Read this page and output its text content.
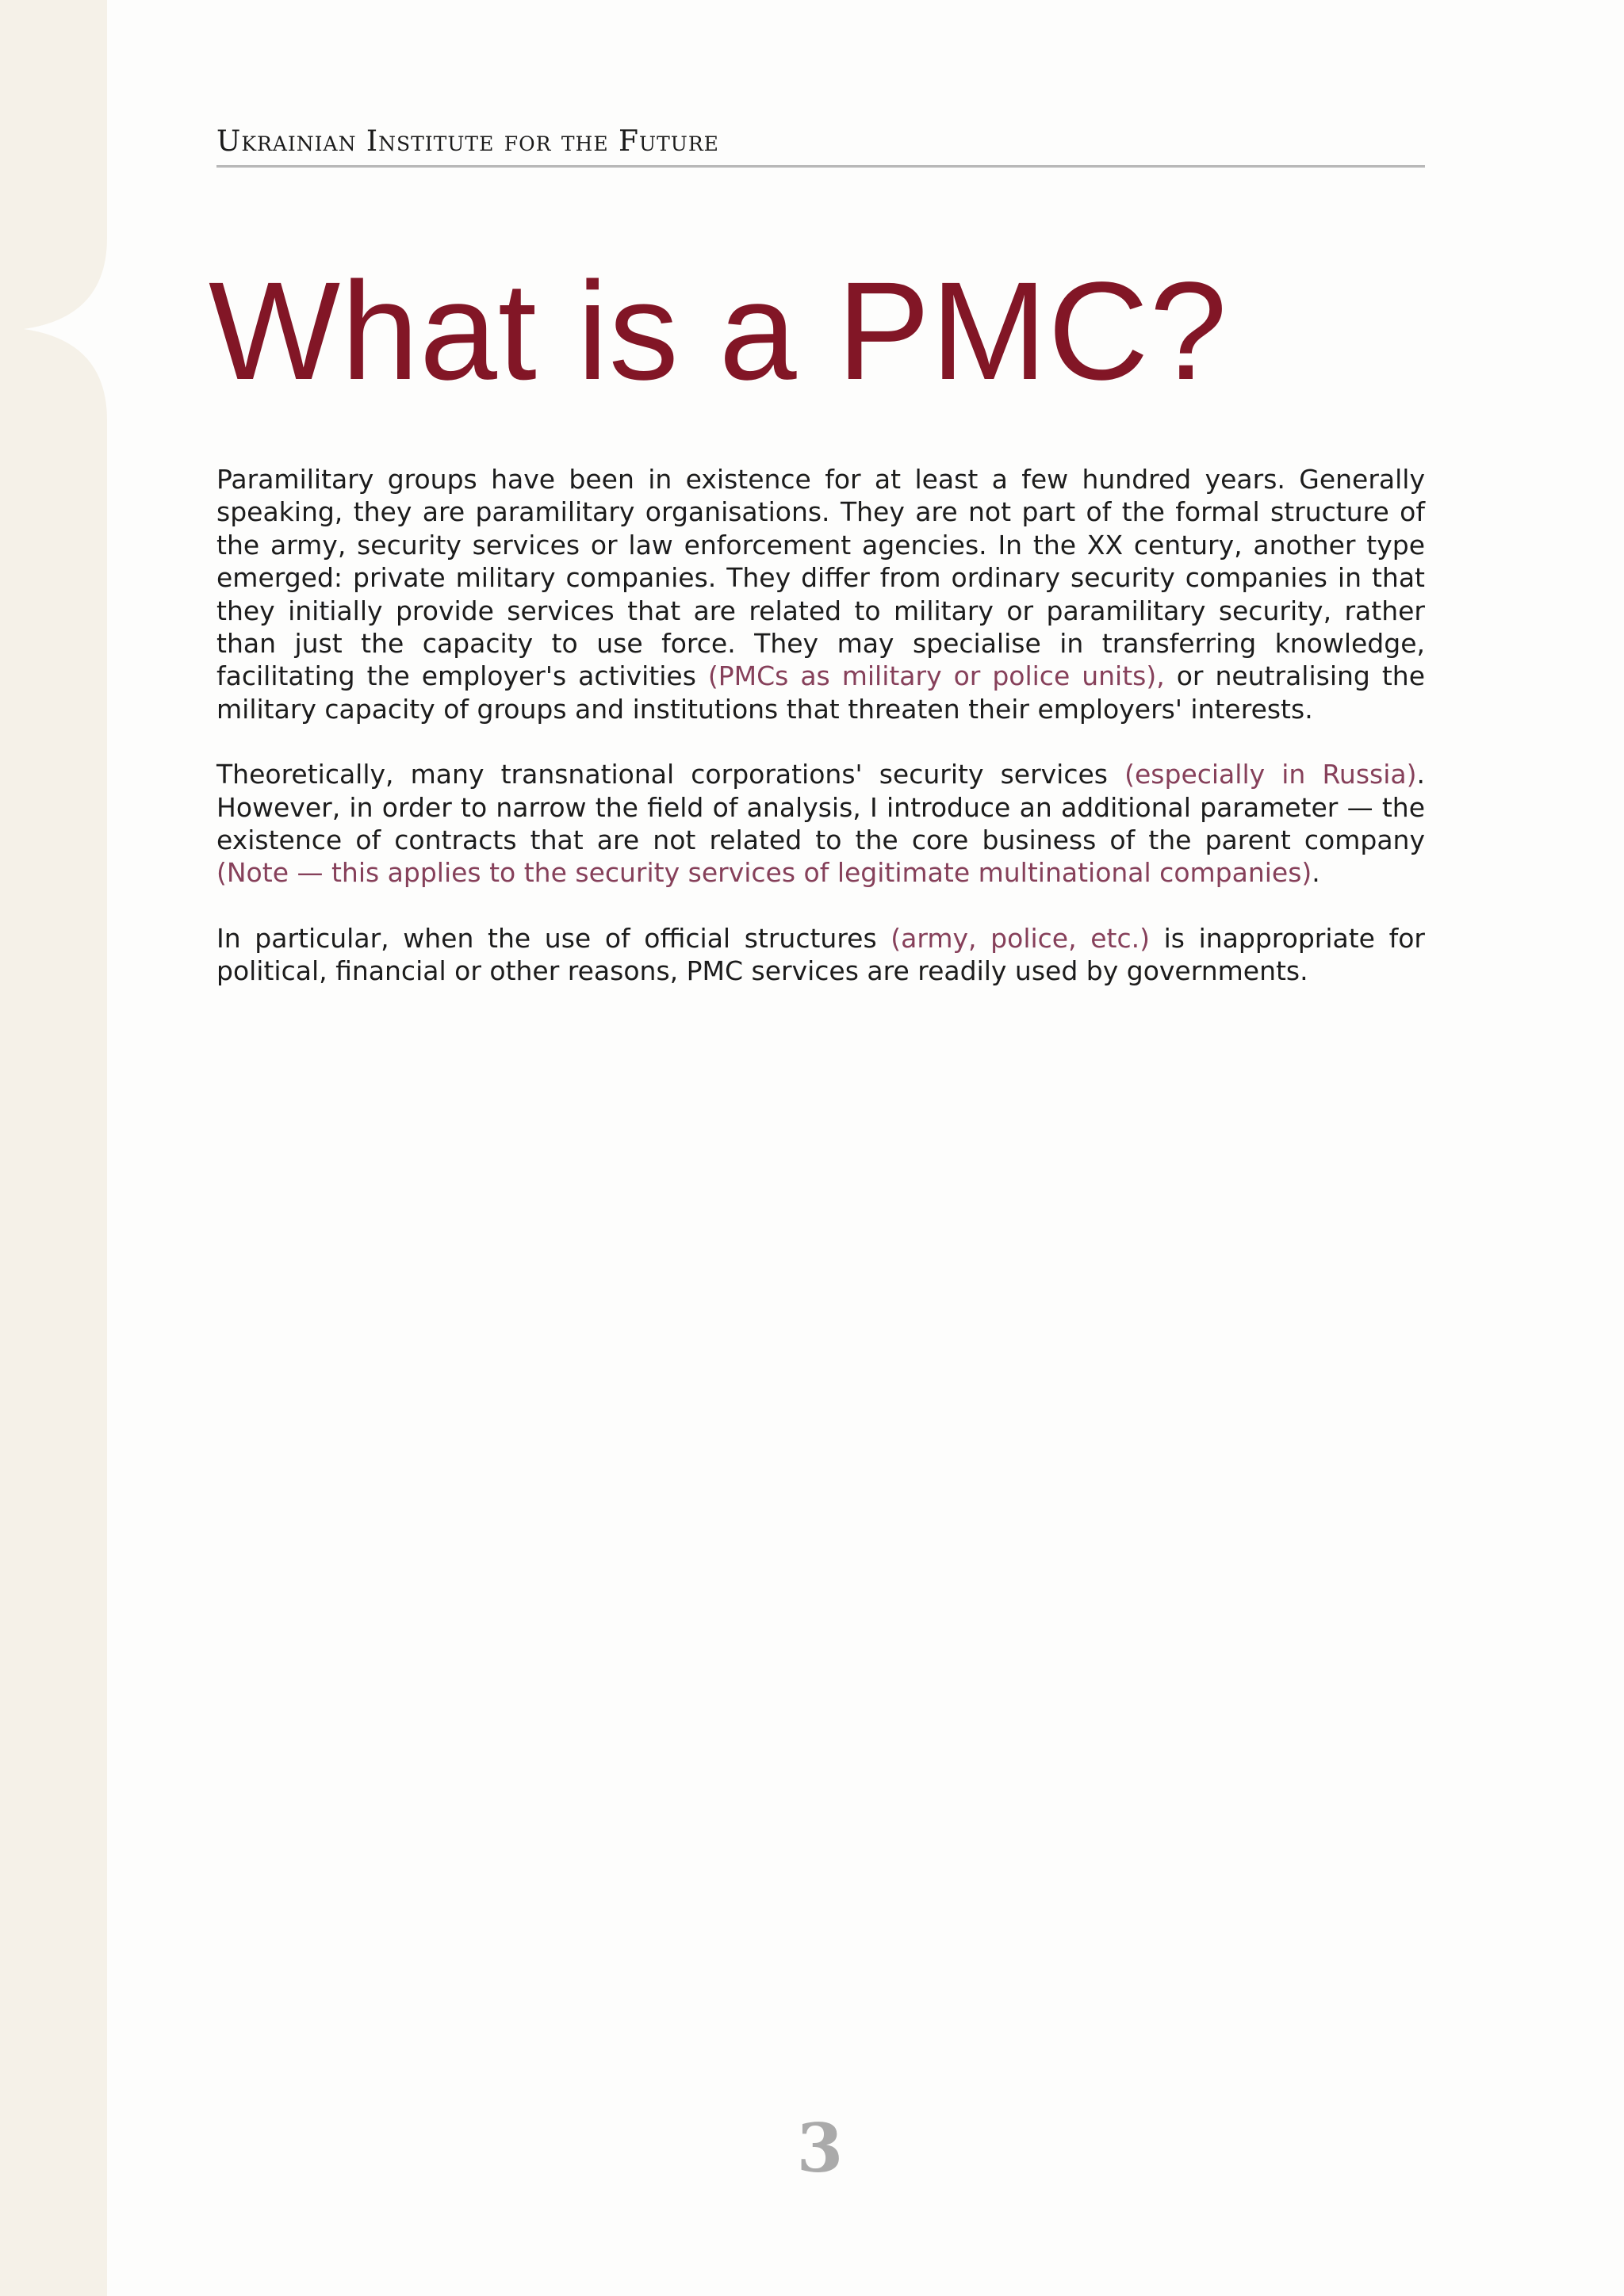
Ukrainian Institute for the Future
What is a PMC?

Paramilitary groups have been in existence for at least a few hundred years. Generally speaking, they are paramilitary organisations. They are not part of the formal structure of the army, security services or law enforcement agencies. In the XX century, another type emerged: private military companies. They differ from ordinary security companies in that they initially provide services that are related to military or paramilitary security, rather than just the capacity to use force. They may specialise in transferring knowledge, facilitating the employer's activities (PMCs as military or police units), or neutralising the military capacity of groups and institutions that threaten their employers' interests.

Theoretically, many transnational corporations' security services (especially in Russia). However, in order to narrow the field of analysis, I introduce an additional parameter — the existence of contracts that are not related to the core business of the parent company (Note — this applies to the security services of legitimate multinational companies).

In particular, when the use of official structures (army, police, etc.) is inappropriate for political, financial or other reasons, PMC services are readily used by governments.

3
